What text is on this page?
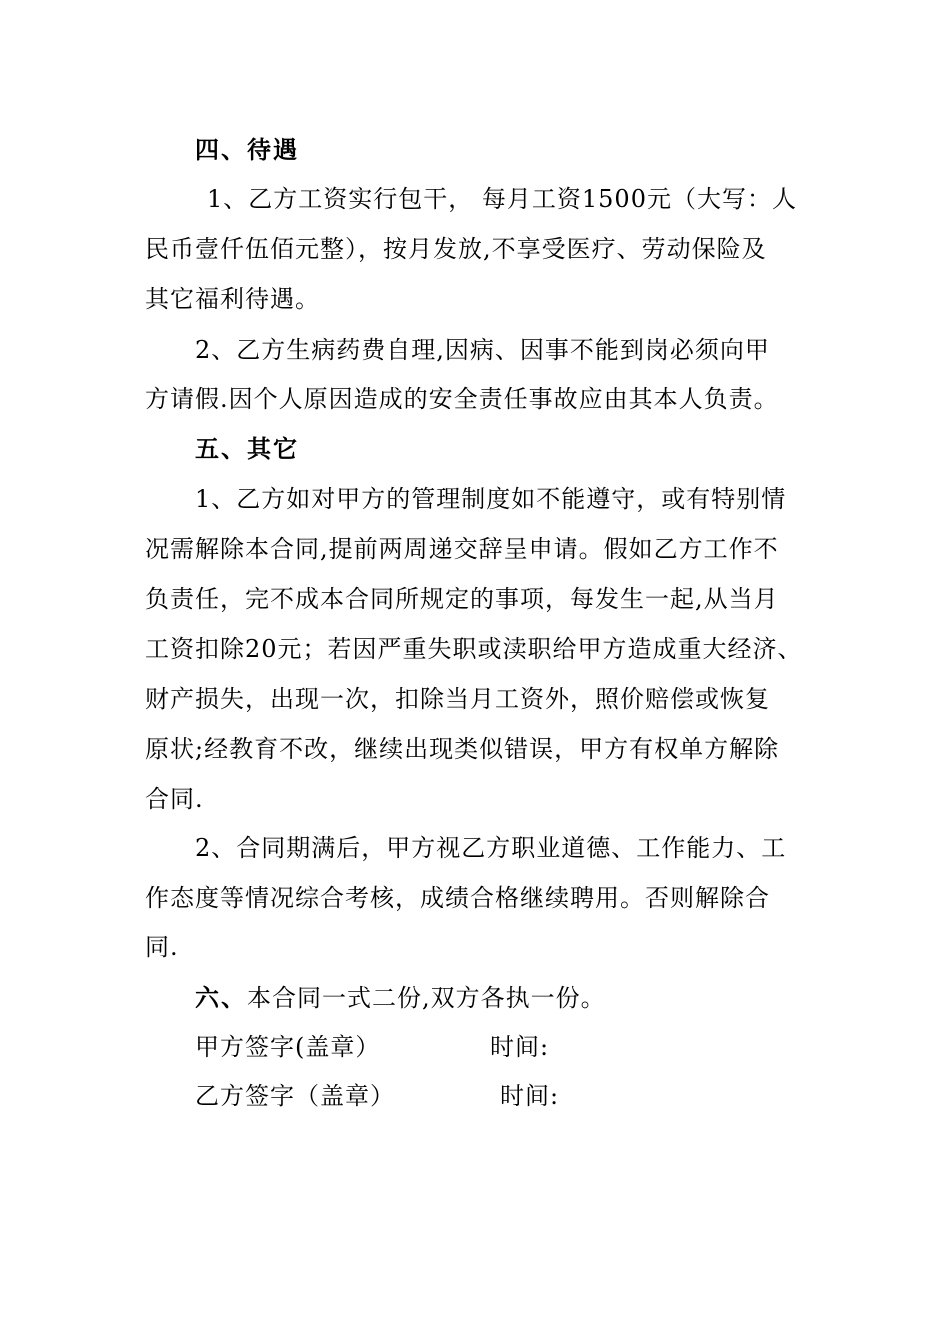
四、待遇
1、乙方工资实行包干， 每月工资1500元（大写：人
民币壹仟伍佰元整），按月发放,不享受医疗、劳动保险及
其它福利待遇。
2、乙方生病药费自理,因病、因事不能到岗必须向甲
方请假.因个人原因造成的安全责任事故应由其本人负责。
五、其它
1、乙方如对甲方的管理制度如不能遵守，或有特别情
况需解除本合同,提前两周递交辞呈申请。假如乙方工作不
负责任，完不成本合同所规定的事项，每发生一起,从当月
工资扣除20元；若因严重失职或渎职给甲方造成重大经济、
财产损失，出现一次，扣除当月工资外，照价赔偿或恢复
原状;经教育不改，继续出现类似错误，甲方有权单方解除
合同.
2、合同期满后，甲方视乙方职业道德、工作能力、工
作态度等情况综合考核，成绩合格继续聘用。否则解除合
同.
六、本合同一式二份,双方各执一份。
甲方签字(盖章）	时间:
乙方签字（盖章）	时间:
